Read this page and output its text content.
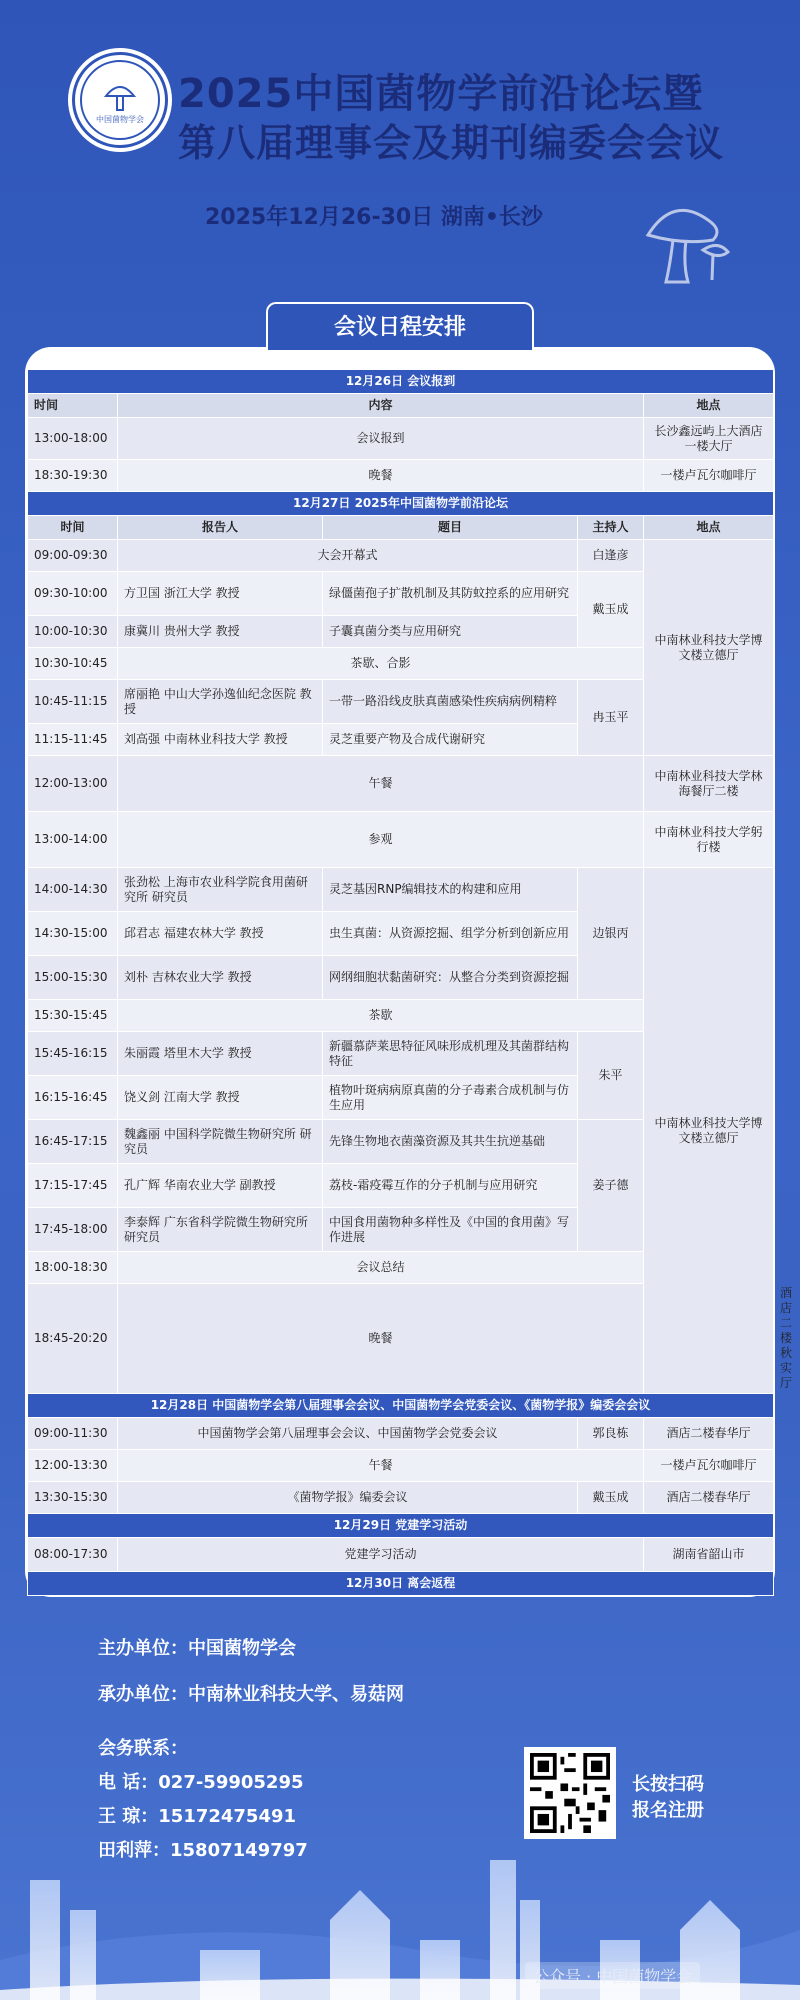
中国菌物学会
2025中国菌物学前沿论坛暨
第八届理事会及期刊编委会会议
2025年12月26-30日 湖南•长沙
会议日程安排
12月26日 会议报到					
时间	内容			地点	
13:00-18:00	会议报到			长沙鑫远屿上大酒店一楼大厅	
18:30-19:30	晚餐			一楼卢瓦尔咖啡厅	
12月27日 2025年中国菌物学前沿论坛					
时间	报告人	题目	主持人	地点	
09:00-09:30	大会开幕式		白逢彦	中南林业科技大学博文楼立德厅	
09:30-10:00	方卫国 浙江大学 教授	绿僵菌孢子扩散机制及其防蚊控系的应用研究	戴玉成		
10:00-10:30	康冀川 贵州大学 教授	子囊真菌分类与应用研究			
10:30-10:45	茶歇、合影				
10:45-11:15	席丽艳 中山大学孙逸仙纪念医院 教授	一带一路沿线皮肤真菌感染性疾病病例精粹	冉玉平		
11:15-11:45	刘高强 中南林业科技大学 教授	灵芝重要产物及合成代谢研究			
12:00-13:00	午餐			中南林业科技大学林海餐厅二楼	
13:00-14:00	参观			中南林业科技大学躬行楼	
14:00-14:30	张劲松 上海市农业科学院食用菌研究所 研究员	灵芝基因RNP编辑技术的构建和应用	边银丙	中南林业科技大学博文楼立德厅	
14:30-15:00	邱君志 福建农林大学 教授	虫生真菌：从资源挖掘、组学分析到创新应用			
15:00-15:30	刘朴 吉林农业大学 教授	网纲细胞状黏菌研究：从整合分类到资源挖掘			
15:30-15:45	茶歇				
15:45-16:15	朱丽霞 塔里木大学 教授	新疆慕萨莱思特征风味形成机理及其菌群结构特征	朱平		
16:15-16:45	饶义剑 江南大学 教授	植物叶斑病病原真菌的分子毒素合成机制与仿生应用			
16:45-17:15	魏鑫丽 中国科学院微生物研究所 研究员	先锋生物地衣菌藻资源及其共生抗逆基础	姜子德		
17:15-17:45	孔广辉 华南农业大学 副教授	荔枝-霜疫霉互作的分子机制与应用研究			
17:45-18:00	李泰辉 广东省科学院微生物研究所 研究员	中国食用菌物种多样性及《中国的食用菌》写作进展			
18:00-18:30	会议总结				
18:45-20:20	晚餐				酒店二楼秋实厅
12月28日 中国菌物学会第八届理事会会议、中国菌物学会党委会议、《菌物学报》编委会会议					
09:00-11:30	中国菌物学会第八届理事会会议、中国菌物学会党委会议		郭良栋	酒店二楼春华厅	
12:00-13:30	午餐			一楼卢瓦尔咖啡厅	
13:30-15:30	《菌物学报》编委会议		戴玉成	酒店二楼春华厅	
12月29日 党建学习活动					
08:00-17:30	党建学习活动			湖南省韶山市	
12月30日 离会返程					
主办单位：中国菌物学会
承办单位：中南林业科技大学、易菇网
会务联系：
电 话：027-59905295
王 琼：15172475491
田利萍：15807149797
长按扫码
报名注册
公众号 · 中国菌物学会
